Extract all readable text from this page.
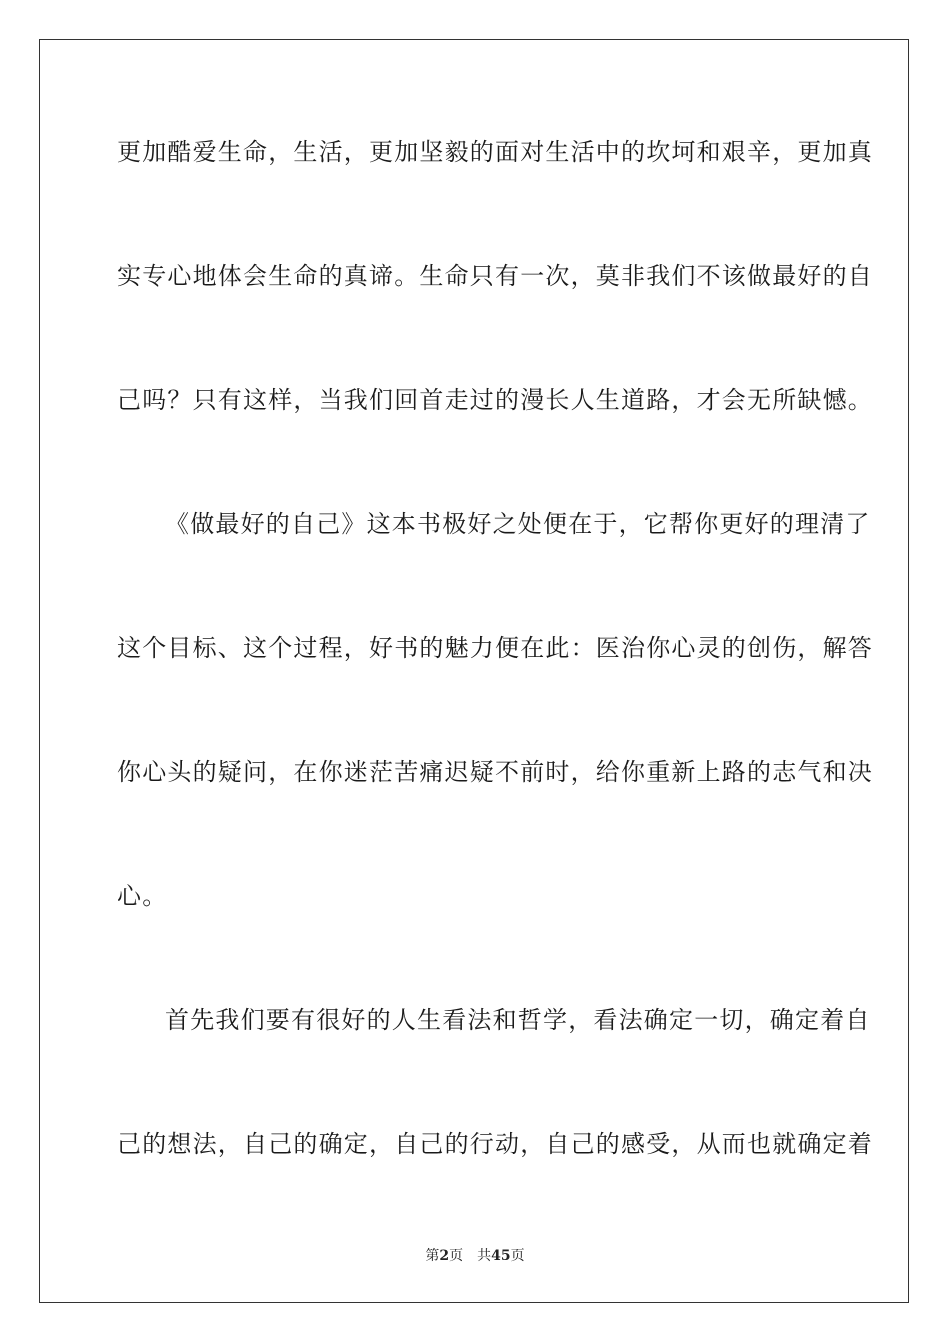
更加酷爱生命，生活，更加坚毅的面对生活中的坎坷和艰辛，更加真
实专心地体会生命的真谛。生命只有一次，莫非我们不该做最好的自
己吗？只有这样，当我们回首走过的漫长人生道路，才会无所缺憾。
《做最好的自己》这本书极好之处便在于，它帮你更好的理清了
这个目标、这个过程，好书的魅力便在此：医治你心灵的创伤，解答
你心头的疑问，在你迷茫苦痛迟疑不前时，给你重新上路的志气和决
心。
首先我们要有很好的人生看法和哲学，看法确定一切，确定着自
己的想法，自己的确定，自己的行动，自己的感受，从而也就确定着
第2页 共45页
